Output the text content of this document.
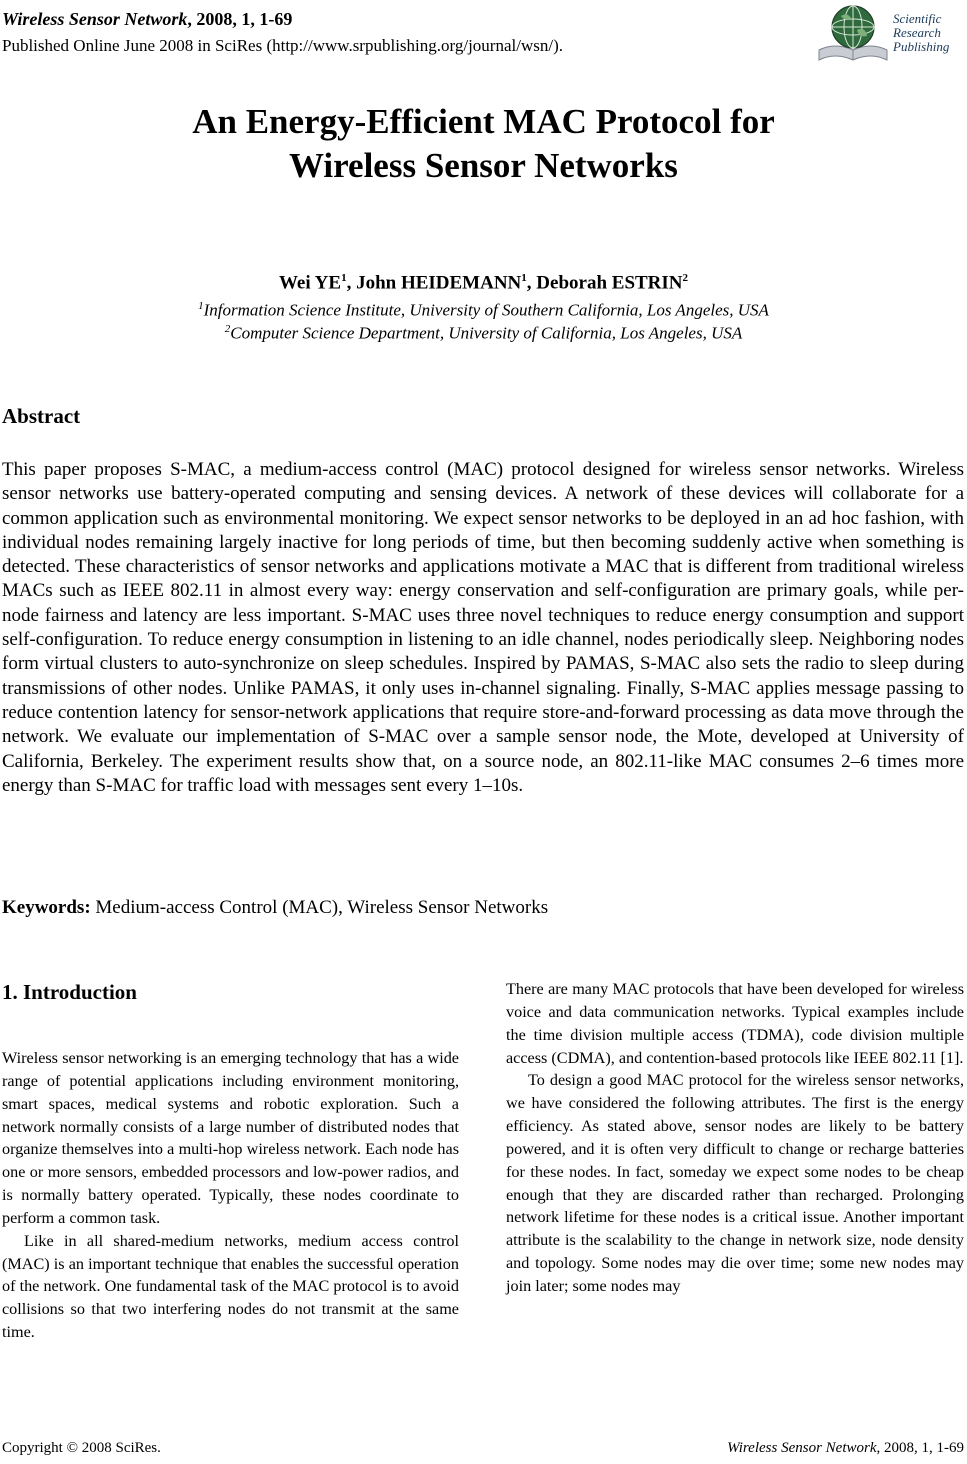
Wireless Sensor Network, 2008, 1, 1-69
Published Online June 2008 in SciRes (http://www.srpublishing.org/journal/wsn/).
Scientific
Research
Publishing
An Energy-Efficient MAC Protocol for
Wireless Sensor Networks
Wei $YE^1$, John HEIDEMANN$^1$, Deborah ESTRIN$^2$
$^1$Information Science Institute, University of Southern California, Los Angeles, USA
$^2$Computer Science Department, University of California, Los Angeles, USA
Abstract
This paper proposes S-MAC, a medium-access control (MAC) protocol designed for wireless sensor networks. Wireless sensor networks use battery-operated computing and sensing devices. A network of these devices will collaborate for a common application such as environmental monitoring. We expect sensor networks to be deployed in an ad hoc fashion, with individual nodes remaining largely inactive for long periods of time, but then becoming suddenly active when something is detected. These characteristics of sensor networks and applications motivate a MAC that is different from traditional wireless MACs such as IEEE 802.11 in almost every way: energy conservation and self-configuration are primary goals, while per-node fairness and latency are less important. S-MAC uses three novel techniques to reduce energy consumption and support self-configuration. To reduce energy consumption in listening to an idle channel, nodes periodically sleep. Neighboring nodes form virtual clusters to auto-synchronize on sleep schedules. Inspired by PAMAS, S-MAC also sets the radio to sleep during transmissions of other nodes. Unlike PAMAS, it only uses in-channel signaling. Finally, S-MAC applies message passing to reduce contention latency for sensor-network applications that require store-and-forward processing as data move through the network. We evaluate our implementation of S-MAC over a sample sensor node, the Mote, developed at University of California, Berkeley. The experiment results show that, on a source node, an 802.11-like MAC consumes 2–6 times more energy than S-MAC for traffic load with messages sent every 1–10s.
Keywords: Medium-access Control (MAC), Wireless Sensor Networks
1. Introduction

Wireless sensor networking is an emerging technology that has a wide range of potential applications including environment monitoring, smart spaces, medical systems and robotic exploration. Such a network normally consists of a large number of distributed nodes that organize themselves into a multi-hop wireless network. Each node has one or more sensors, embedded processors and low-power radios, and is normally battery operated. Typically, these nodes coordinate to perform a common task.

Like in all shared-medium networks, medium access control (MAC) is an important technique that enables the successful operation of the network. One fundamental task of the MAC protocol is to avoid collisions so that two interfering nodes do not transmit at the same time.

There are many MAC protocols that have been developed for wireless voice and data communication networks. Typical examples include the time division multiple access (TDMA), code division multiple access (CDMA), and contention-based protocols like IEEE 802.11 [1].

To design a good MAC protocol for the wireless sensor networks, we have considered the following attributes. The first is the energy efficiency. As stated above, sensor nodes are likely to be battery powered, and it is often very difficult to change or recharge batteries for these nodes. In fact, someday we expect some nodes to be cheap enough that they are discarded rather than recharged. Prolonging network lifetime for these nodes is a critical issue. Another important attribute is the scalability to the change in network size, node density and topology. Some nodes may die over time; some new nodes may join later; some nodes may

Copyright © 2008 SciRes.	Wireless Sensor Network, 2008, 1, 1-69
